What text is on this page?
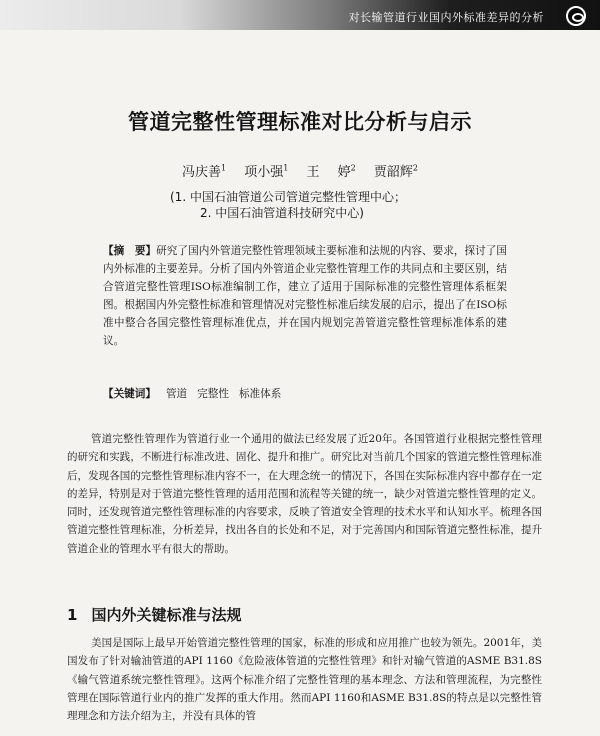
对长输管道行业国内外标准差异的分析
管道完整性管理标准对比分析与启示
冯庆善$^1$ 项小强$^1$ 王 婷$^2$ 贾韶辉$^2$
(1. 中国石油管道公司管道完整性管理中心；
2. 中国石油管道科技研究中心)
【摘　要】研究了国内外管道完整性管理领域主要标准和法规的内容、要求，探讨了国内外标准的主要差异。分析了国内外管道企业完整性管理工作的共同点和主要区别，结合管道完整性管理ISO标准编制工作，建立了适用于国际标准的完整性管理体系框架图。根据国内外完整性标准和管理情况对完整性标准后续发展的启示，提出了在ISO标准中整合各国完整性管理标准优点，并在国内规划完善管道完整性管理标准体系的建议。
【关键词】 管道 完整性 标准体系
管道完整性管理作为管道行业一个通用的做法已经发展了近20年。各国管道行业根据完整性管理的研究和实践，不断进行标准改进、固化、提升和推广。研究比对当前几个国家的管道完整性管理标准后，发现各国的完整性管理标准内容不一，在大理念统一的情况下，各国在实际标准内容中都存在一定的差异，特别是对于管道完整性管理的适用范围和流程等关键的统一，缺少对管道完整性管理的定义。同时，还发现管道完整性管理标准的内容要求，反映了管道安全管理的技术水平和认知水平。梳理各国管道完整性管理标准，分析差异，找出各自的长处和不足，对于完善国内和国际管道完整性标准，提升管道企业的管理水平有很大的帮助。
1 国内外关键标准与法规
美国是国际上最早开始管道完整性管理的国家，标准的形成和应用推广也较为领先。2001年，美国发布了针对输油管道的API 1160《危险液体管道的完整性管理》和针对输气管道的ASME B31.8S《输气管道系统完整性管理》。这两个标准介绍了完整性管理的基本理念、方法和管理流程，为完整性管理在国际管道行业内的推广发挥的重大作用。然而API 1160和ASME B31.8S的特点是以完整性管理理念和方法介绍为主，并没有具体的管
